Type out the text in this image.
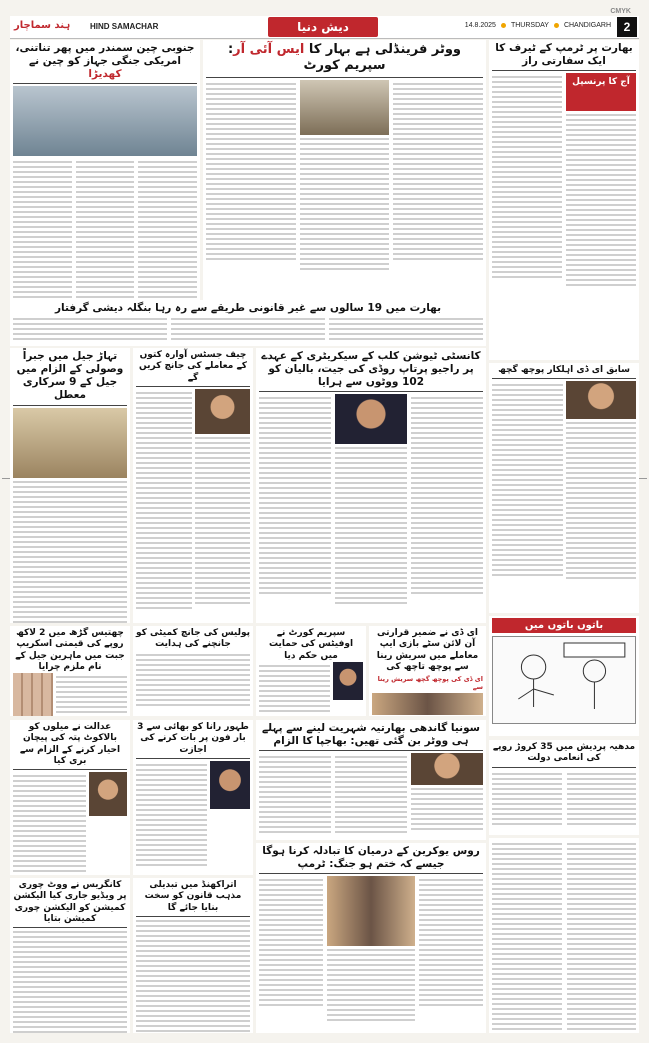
CMYK
ہند سماچار HIND SAMACHAR	دیش دنیا	14.8.2025 THURSDAY CHANDIGARH	2
جنوبی چین سمندر میں پھر تناتنی، امریکی جنگی جہاز کو چین نے کھدیڑا
ووٹر فرینڈلی ہے بہار کا ایس آئی آر: سپریم کورٹ
بھارت پر ٹرمپ کے ٹیرف کا ایک سفارتی راز
آج کا پرنسپل
بھارت میں 19 سالوں سے غیر قانونی طریقے سے رہ رہا بنگلہ دیشی گرفتار
تہاڑ جیل میں جبراً وصولی کے الزام میں جیل کے 9 سرکاری معطل
چیف جسٹس آوارہ کتوں کے معاملے کی جانچ کریں گے
کانسٹی ٹیوشن کلب کے سیکریٹری کے عہدے پر راجیو پرتاپ روڈی کی جیت، بالیان کو 102 ووٹوں سے ہرایا
سابق ای ڈی اہلکار پوچھ گچھ
چھتیس گڑھ میں 2 لاکھ روپے کی قیمتی اسکریپ جبت میں ماہرین جیل کے نام ملزم چرایا
پولیس کی جانچ کمیٹی کو جانچنے کی ہدایت
سپریم کورٹ نے اوفیٹس کی حمایت میں حکم دیا
ای ڈی نے ضمیر قرارتی آن لائن سٹے بازی ایپ معاملے میں سریش رینا سے پوچھ تاچھ کی
ای ڈی کی پوچھ گچھ سریش رینا سے
باتوں باتوں میں
عدالت نے میلوں کو بالاکوٹ پتہ کی پیچان احیار کرنے کے الزام سے بری کیا
طہور رانا کو بھائی سے 3 بار فون پر بات کرنے کی اجازت
سونیا گاندھی بھارتیہ شہریت لینے سے پہلے ہی ووٹر بن گئی تھیں: بھاجپا کا الزام	مدھیہ پردیش میں 35 کروڑ روپے کی انعامی دولت
کانگریس نے ووٹ چوری پر ویڈیو جاری کیا الیکشن کمیشن کو الیکشن چوری کمیشن بتایا
اتراکھنڈ میں تبدیلی مذہب قانون کو سخت بنایا جائے گا
روس یوکرین کے درمیان کا تبادلہ کرنا ہوگا جیسے کہ ختم ہو جنگ: ٹرمپ
